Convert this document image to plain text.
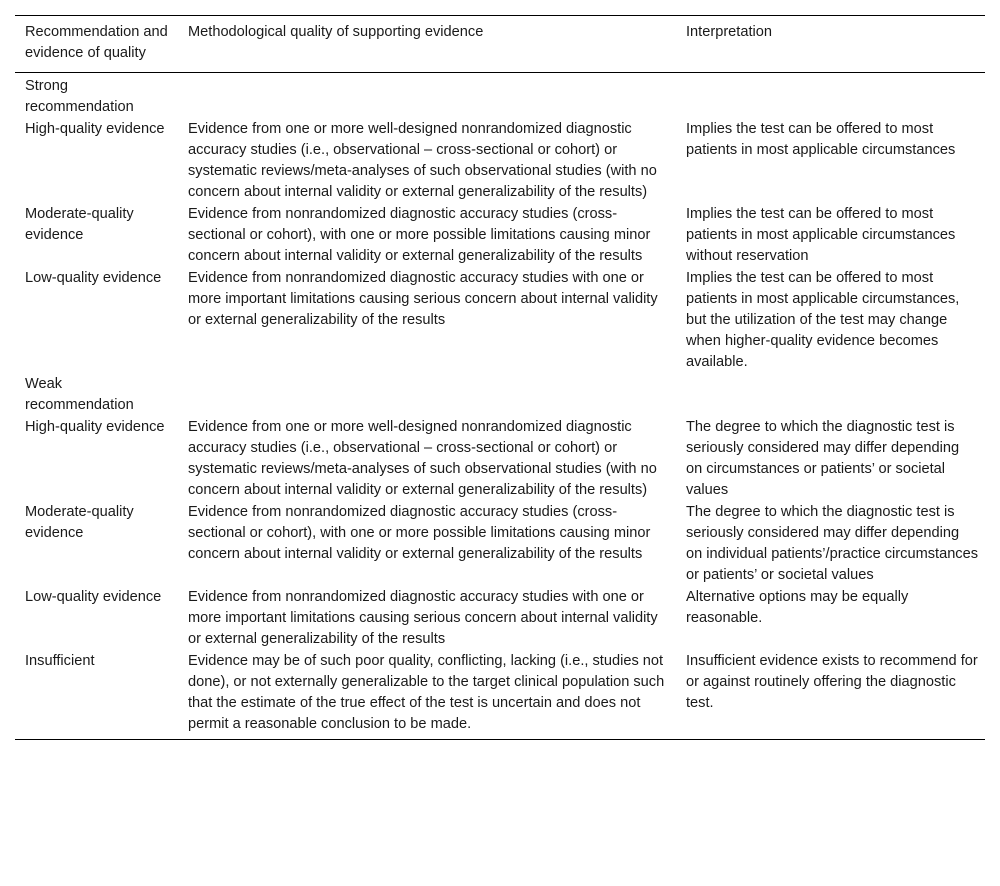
Recommendation and evidence of quality	Methodological quality of supporting evidence	Interpretation
Strong recommendation		
High-quality evidence	Evidence from one or more well-designed nonrandomized diagnostic accuracy studies (i.e., observational – cross-sectional or cohort) or systematic reviews/meta-analyses of such observational studies (with no concern about internal validity or external generalizability of the results)	Implies the test can be offered to most patients in most applicable circumstances
Moderate-quality evidence	Evidence from nonrandomized diagnostic accuracy studies (cross-sectional or cohort), with one or more possible limitations causing minor concern about internal validity or external generalizability of the results	Implies the test can be offered to most patients in most applicable circumstances without reservation
Low-quality evidence	Evidence from nonrandomized diagnostic accuracy studies with one or more important limitations causing serious concern about internal validity or external generalizability of the results	Implies the test can be offered to most patients in most applicable circumstances, but the utilization of the test may change when higher-quality evidence becomes available.
Weak recommendation		
High-quality evidence	Evidence from one or more well-designed nonrandomized diagnostic accuracy studies (i.e., observational – cross-sectional or cohort) or systematic reviews/meta-analyses of such observational studies (with no concern about internal validity or external generalizability of the results)	The degree to which the diagnostic test is seriously considered may differ depending on circumstances or patients’ or societal values
Moderate-quality evidence	Evidence from nonrandomized diagnostic accuracy studies (cross-sectional or cohort), with one or more possible limitations causing minor concern about internal validity or external generalizability of the results	The degree to which the diagnostic test is seriously considered may differ depending on individual patients’/practice circumstances or patients’ or societal values
Low-quality evidence	Evidence from nonrandomized diagnostic accuracy studies with one or more important limitations causing serious concern about internal validity or external generalizability of the results	Alternative options may be equally reasonable.
Insufficient	Evidence may be of such poor quality, conflicting, lacking (i.e., studies not done), or not externally generalizable to the target clinical population such that the estimate of the true effect of the test is uncertain and does not permit a reasonable conclusion to be made.	Insufficient evidence exists to recommend for or against routinely offering the diagnostic test.
